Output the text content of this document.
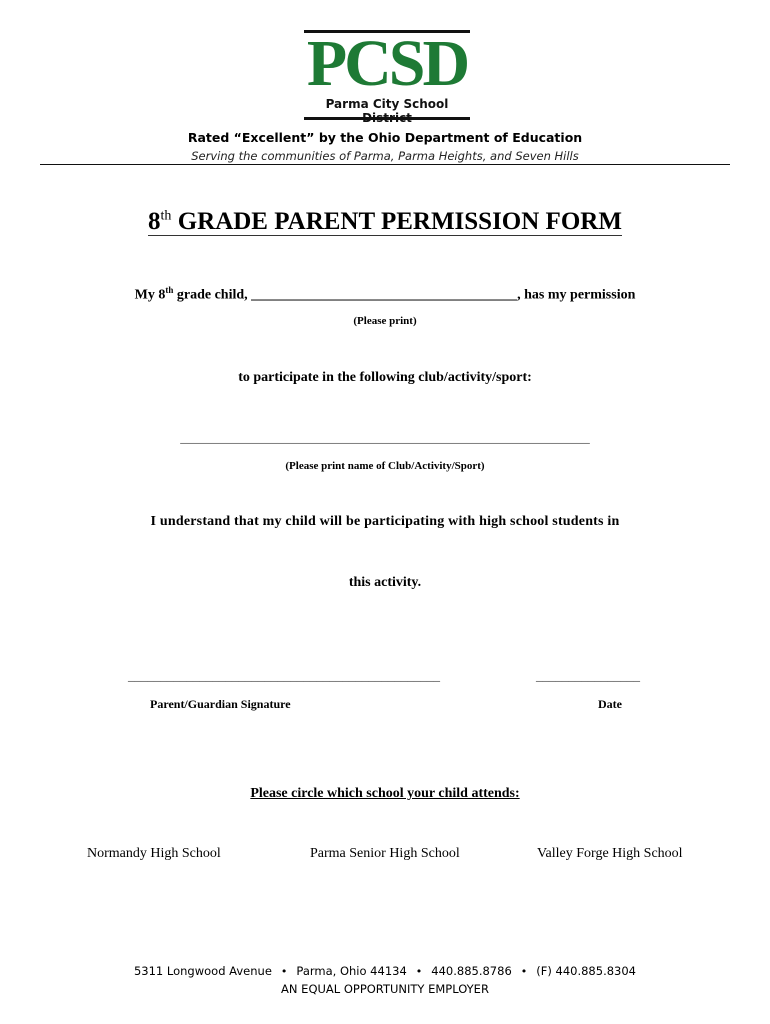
PCSD
Parma City School
Rated “Excellent” by the Ohio Department of Education
Serving the communities of Parma, Parma Heights, and Seven Hills
8th GRADE PARENT PERMISSION FORM
My 8th grade child, ______________________________________, has my permission
(Please print)
to participate in the following club/activity/sport:
_______________________________________________________________
(Please print name of Club/Activity/Sport)
I understand that my child will be participating with high school students in
this activity.
________________________________________________	________________
Parent/Guardian Signature	Date
Please circle which school your child attends:
Normandy High School	Parma Senior High School	Valley Forge High School
5311 Longwood Avenue • Parma, Ohio 44134 • 440.885.8786 • (F) 440.885.8304
AN EQUAL OPPORTUNITY EMPLOYER
